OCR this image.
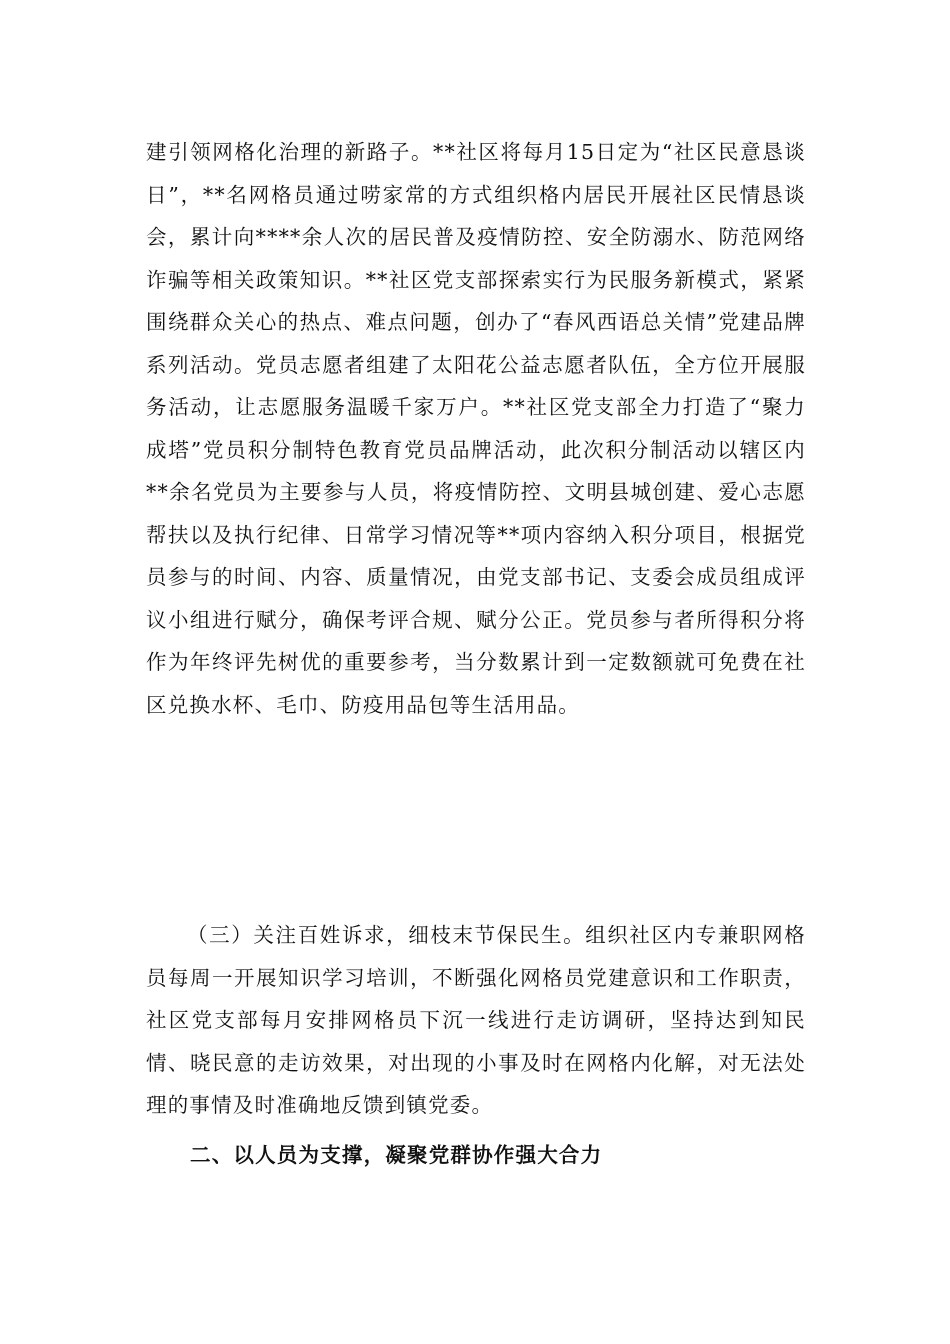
建引领网格化治理的新路子。**社区将每月15日定为“社区民意恳谈日”，**名网格员通过唠家常的方式组织格内居民开展社区民情恳谈会，累计向****余人次的居民普及疫情防控、安全防溺水、防范网络诈骗等相关政策知识。**社区党支部探索实行为民服务新模式，紧紧围绕群众关心的热点、难点问题，创办了“春风西语总关情”党建品牌系列活动。党员志愿者组建了太阳花公益志愿者队伍，全方位开展服务活动，让志愿服务温暖千家万户。**社区党支部全力打造了“聚力成塔”党员积分制特色教育党员品牌活动，此次积分制活动以辖区内**余名党员为主要参与人员，将疫情防控、文明县城创建、爱心志愿帮扶以及执行纪律、日常学习情况等**项内容纳入积分项目，根据党员参与的时间、内容、质量情况，由党支部书记、支委会成员组成评议小组进行赋分，确保考评合规、赋分公正。党员参与者所得积分将作为年终评先树优的重要参考，当分数累计到一定数额就可免费在社区兑换水杯、毛巾、防疫用品包等生活用品。

（三）关注百姓诉求，细枝末节保民生。组织社区内专兼职网格员每周一开展知识学习培训，不断强化网格员党建意识和工作职责，社区党支部每月安排网格员下沉一线进行走访调研，坚持达到知民情、晓民意的走访效果，对出现的小事及时在网格内化解，对无法处理的事情及时准确地反馈到镇党委。

二、以人员为支撑，凝聚党群协作强大合力
